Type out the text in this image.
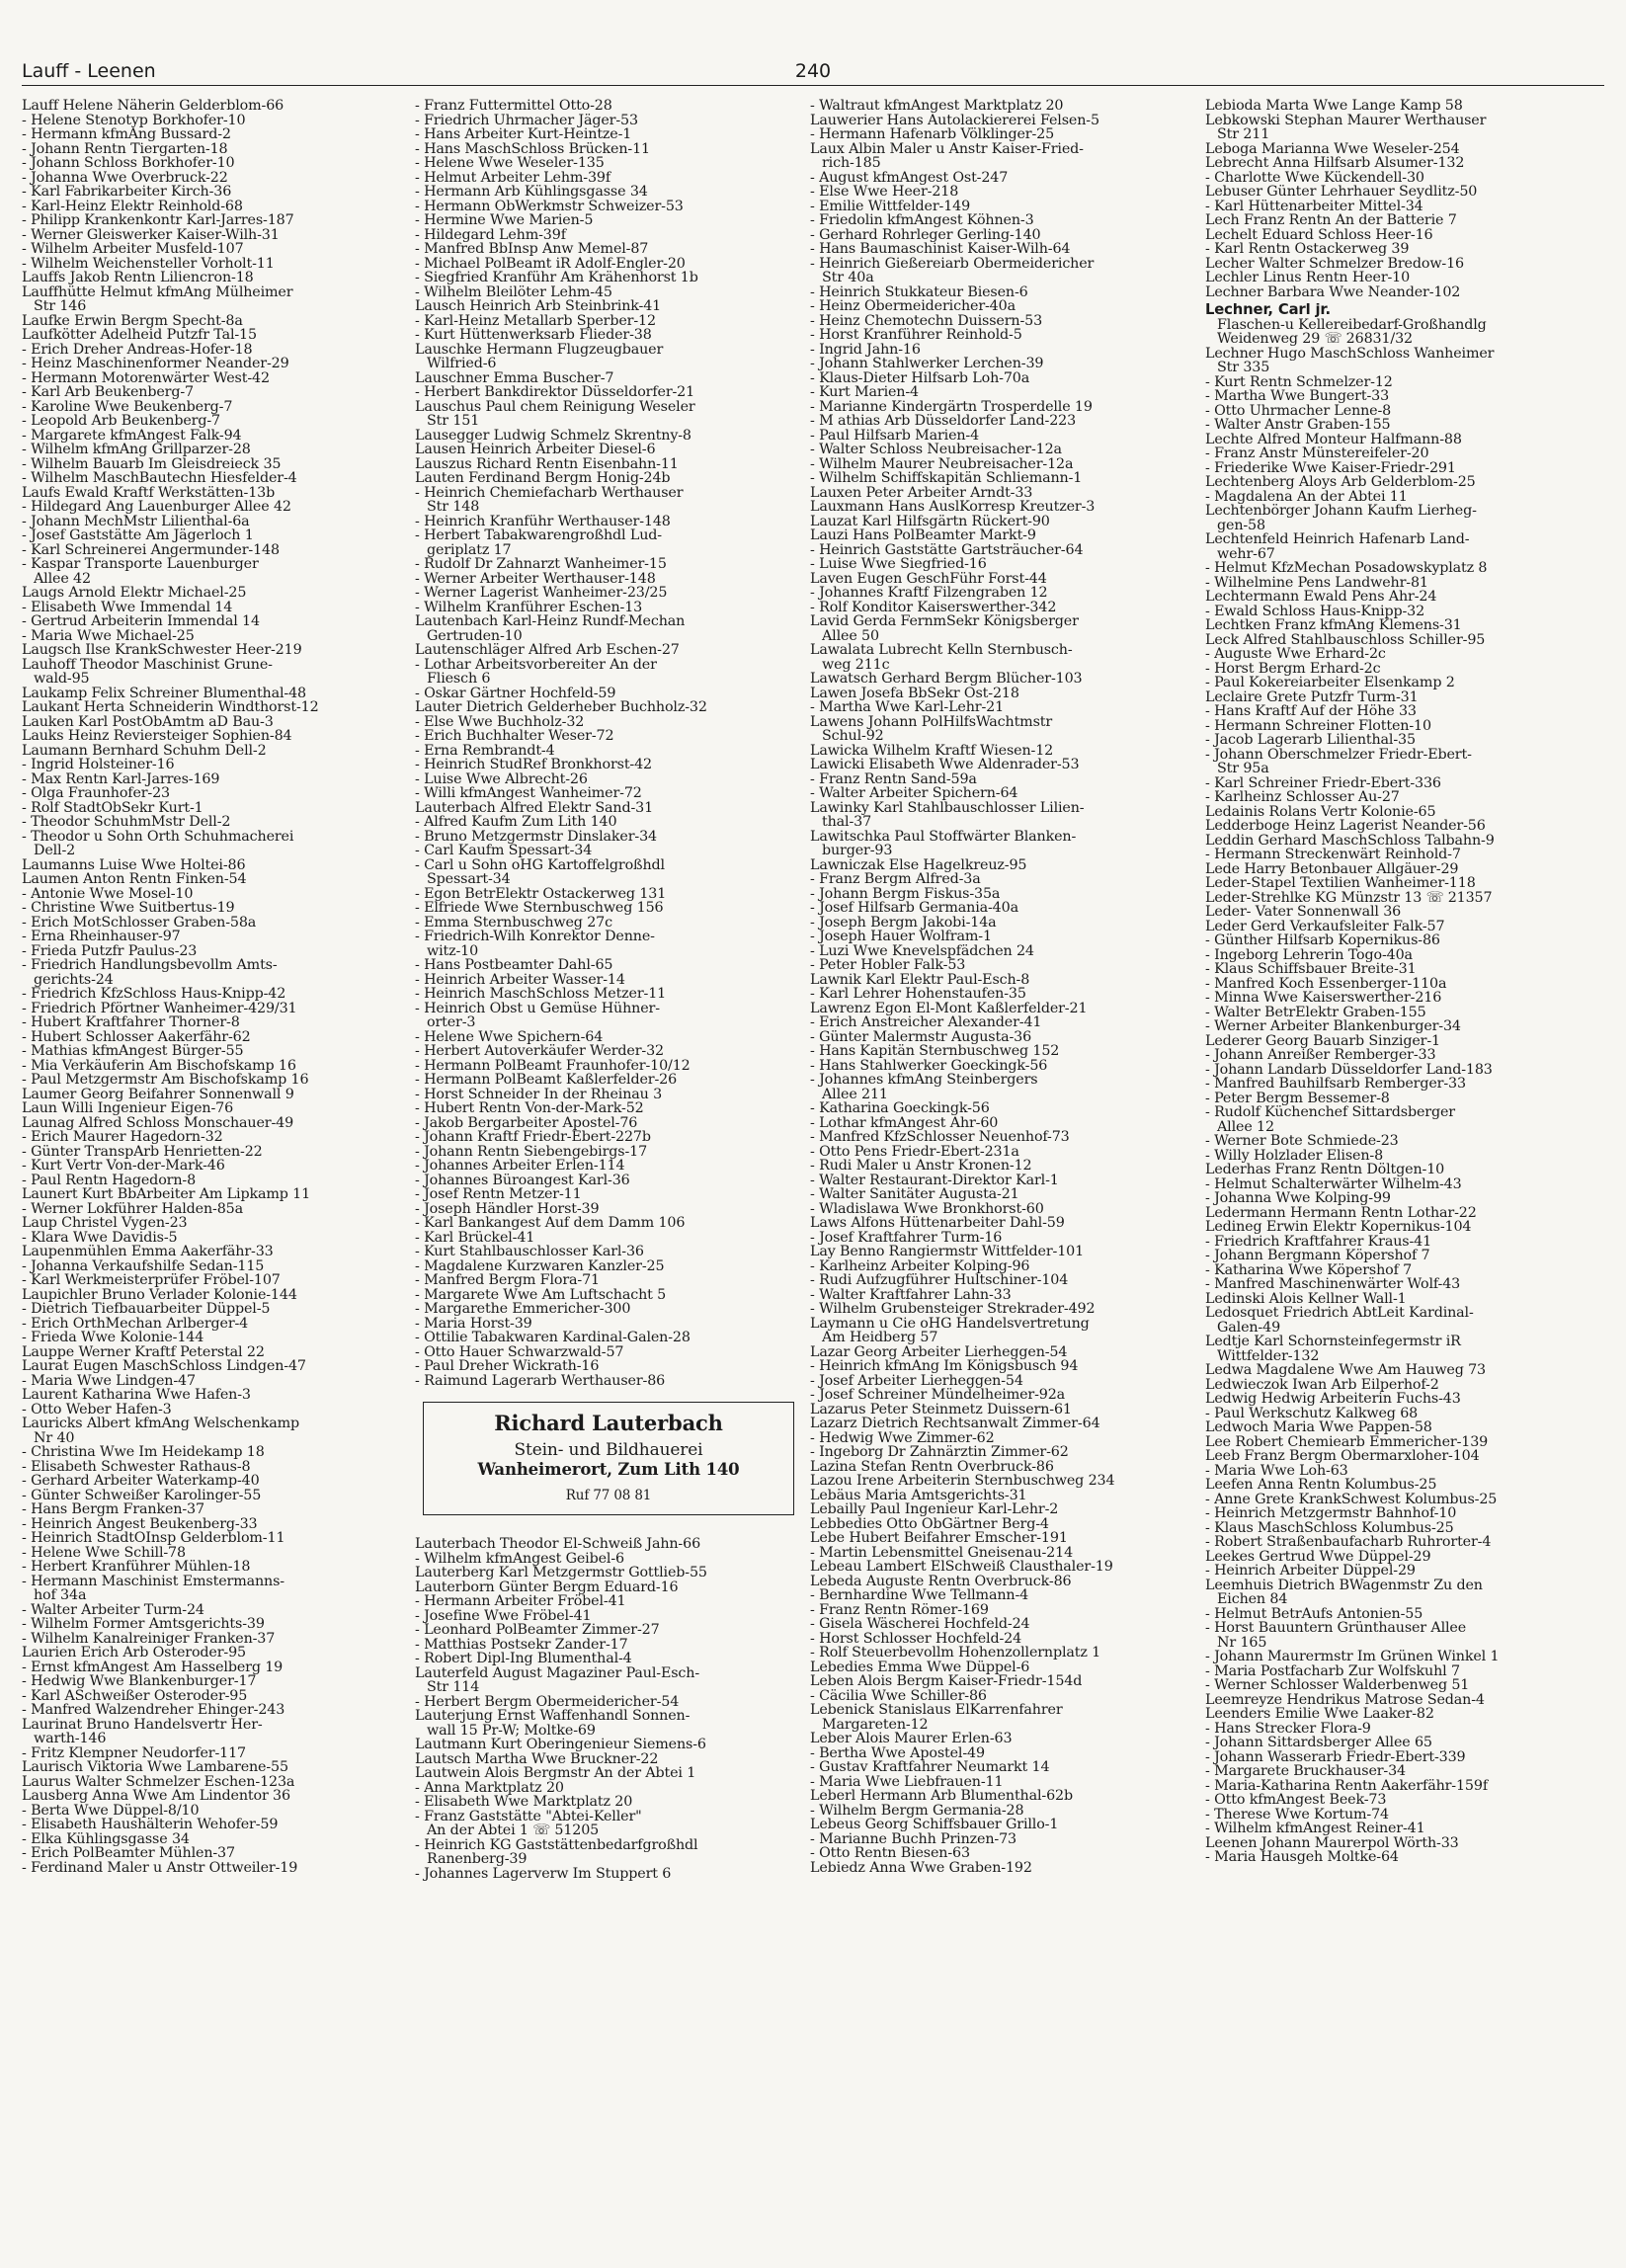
Lauff - Leenen	240
Lauff Helene Näherin Gelderblom-66
- Helene Stenotyp Borkhofer-10
- Hermann kfmAng Bussard-2
- Johann Rentn Tiergarten-18
- Johann Schloss Borkhofer-10
- Johanna Wwe Overbruck-22
- Karl Fabrikarbeiter Kirch-36
- Karl-Heinz Elektr Reinhold-68
- Philipp Krankenkontr Karl-Jarres-187
- Werner Gleiswerker Kaiser-Wilh-31
- Wilhelm Arbeiter Musfeld-107
- Wilhelm Weichensteller Vorholt-11
Lauffs Jakob Rentn Liliencron-18
Lauffhütte Helmut kfmAng Mülheimer
Str 146
Laufke Erwin Bergm Specht-8a
Laufkötter Adelheid Putzfr Tal-15
- Erich Dreher Andreas-Hofer-18
- Heinz Maschinenformer Neander-29
- Hermann Motorenwärter West-42
- Karl Arb Beukenberg-7
- Karoline Wwe Beukenberg-7
- Leopold Arb Beukenberg-7
- Margarete kfmAngest Falk-94
- Wilhelm kfmAng Grillparzer-28
- Wilhelm Bauarb Im Gleisdreieck 35
- Wilhelm MaschBautechn Hiesfelder-4
Laufs Ewald Kraftf Werkstätten-13b
- Hildegard Ang Lauenburger Allee 42
- Johann MechMstr Lilienthal-6a
- Josef Gaststätte Am Jägerloch 1
- Karl Schreinerei Angermunder-148
- Kaspar Transporte Lauenburger
Allee 42
Laugs Arnold Elektr Michael-25
- Elisabeth Wwe Immendal 14
- Gertrud Arbeiterin Immendal 14
- Maria Wwe Michael-25
Laugsch Ilse KrankSchwester Heer-219
Lauhoff Theodor Maschinist Grune-
wald-95
Laukamp Felix Schreiner Blumenthal-48
Laukant Herta Schneiderin Windthorst-12
Lauken Karl PostObAmtm aD Bau-3
Lauks Heinz Reviersteiger Sophien-84
Laumann Bernhard Schuhm Dell-2
- Ingrid Holsteiner-16
- Max Rentn Karl-Jarres-169
- Olga Fraunhofer-23
- Rolf StadtObSekr Kurt-1
- Theodor SchuhmMstr Dell-2
- Theodor u Sohn Orth Schuhmacherei
Dell-2
Laumanns Luise Wwe Holtei-86
Laumen Anton Rentn Finken-54
- Antonie Wwe Mosel-10
- Christine Wwe Suitbertus-19
- Erich MotSchlosser Graben-58a
- Erna Rheinhauser-97
- Frieda Putzfr Paulus-23
- Friedrich Handlungsbevollm Amts-
gerichts-24
- Friedrich KfzSchloss Haus-Knipp-42
- Friedrich Pförtner Wanheimer-429/31
- Hubert Kraftfahrer Thorner-8
- Hubert Schlosser Aakerfähr-62
- Mathias kfmAngest Bürger-55
- Mia Verkäuferin Am Bischofskamp 16
- Paul Metzgermstr Am Bischofskamp 16
Laumer Georg Beifahrer Sonnenwall 9
Laun Willi Ingenieur Eigen-76
Launag Alfred Schloss Monschauer-49
- Erich Maurer Hagedorn-32
- Günter TranspArb Henrietten-22
- Kurt Vertr Von-der-Mark-46
- Paul Rentn Hagedorn-8
Launert Kurt BbArbeiter Am Lipkamp 11
- Werner Lokführer Halden-85a
Laup Christel Vygen-23
- Klara Wwe Davidis-5
Laupenmühlen Emma Aakerfähr-33
- Johanna Verkaufshilfe Sedan-115
- Karl Werkmeisterprüfer Fröbel-107
Laupichler Bruno Verlader Kolonie-144
- Dietrich Tiefbauarbeiter Düppel-5
- Erich OrthMechan Arlberger-4
- Frieda Wwe Kolonie-144
Lauppe Werner Kraftf Peterstal 22
Laurat Eugen MaschSchloss Lindgen-47
- Maria Wwe Lindgen-47
Laurent Katharina Wwe Hafen-3
- Otto Weber Hafen-3
Lauricks Albert kfmAng Welschenkamp
Nr 40
- Christina Wwe Im Heidekamp 18
- Elisabeth Schwester Rathaus-8
- Gerhard Arbeiter Waterkamp-40
- Günter Schweißer Karolinger-55
- Hans Bergm Franken-37
- Heinrich Angest Beukenberg-33
- Heinrich StadtOInsp Gelderblom-11
- Helene Wwe Schill-78
- Herbert Kranführer Mühlen-18
- Hermann Maschinist Emstermanns-
hof 34a
- Walter Arbeiter Turm-24
- Wilhelm Former Amtsgerichts-39
- Wilhelm Kanalreiniger Franken-37
Laurien Erich Arb Osteroder-95
- Ernst kfmAngest Am Hasselberg 19
- Hedwig Wwe Blankenburger-17
- Karl ASchweißer Osteroder-95
- Manfred Walzendreher Ehinger-243
Laurinat Bruno Handelsvertr Her-
warth-146
- Fritz Klempner Neudorfer-117
Laurisch Viktoria Wwe Lambarene-55
Laurus Walter Schmelzer Eschen-123a
Lausberg Anna Wwe Am Lindentor 36
- Berta Wwe Düppel-8/10
- Elisabeth Haushälterin Wehofer-59
- Elka Kühlingsgasse 34
- Erich PolBeamter Mühlen-37
- Ferdinand Maler u Anstr Ottweiler-19
- Franz Futtermittel Otto-28
- Friedrich Uhrmacher Jäger-53
- Hans Arbeiter Kurt-Heintze-1
- Hans MaschSchloss Brücken-11
- Helene Wwe Weseler-135
- Helmut Arbeiter Lehm-39f
- Hermann Arb Kühlingsgasse 34
- Hermann ObWerkmstr Schweizer-53
- Hermine Wwe Marien-5
- Hildegard Lehm-39f
- Manfred BbInsp Anw Memel-87
- Michael PolBeamt iR Adolf-Engler-20
- Siegfried Kranführ Am Krähenhorst 1b
- Wilhelm Bleilöter Lehm-45
Lausch Heinrich Arb Steinbrink-41
- Karl-Heinz Metallarb Sperber-12
- Kurt Hüttenwerksarb Flieder-38
Lauschke Hermann Flugzeugbauer
Wilfried-6
Lauschner Emma Buscher-7
- Herbert Bankdirektor Düsseldorfer-21
Lauschus Paul chem Reinigung Weseler
Str 151
Lausegger Ludwig Schmelz Skrentny-8
Lausen Heinrich Arbeiter Diesel-6
Lauszus Richard Rentn Eisenbahn-11
Lauten Ferdinand Bergm Honig-24b
- Heinrich Chemiefacharb Werthauser
Str 148
- Heinrich Kranführ Werthauser-148
- Herbert Tabakwarengroßhdl Lud-
geriplatz 17
- Rudolf Dr Zahnarzt Wanheimer-15
- Werner Arbeiter Werthauser-148
- Werner Lagerist Wanheimer-23/25
- Wilhelm Kranführer Eschen-13
Lautenbach Karl-Heinz Rundf-Mechan
Gertruden-10
Lautenschläger Alfred Arb Eschen-27
- Lothar Arbeitsvorbereiter An der
Fliesch 6
- Oskar Gärtner Hochfeld-59
Lauter Dietrich Gelderheber Buchholz-32
- Else Wwe Buchholz-32
- Erich Buchhalter Weser-72
- Erna Rembrandt-4
- Heinrich StudRef Bronkhorst-42
- Luise Wwe Albrecht-26
- Willi kfmAngest Wanheimer-72
Lauterbach Alfred Elektr Sand-31
- Alfred Kaufm Zum Lith 140
- Bruno Metzgermstr Dinslaker-34
- Carl Kaufm Spessart-34
- Carl u Sohn oHG Kartoffelgroßhdl
Spessart-34
- Egon BetrElektr Ostackerweg 131
- Elfriede Wwe Sternbuschweg 156
- Emma Sternbuschweg 27c
- Friedrich-Wilh Konrektor Denne-
witz-10
- Hans Postbeamter Dahl-65
- Heinrich Arbeiter Wasser-14
- Heinrich MaschSchloss Metzer-11
- Heinrich Obst u Gemüse Hühner-
orter-3
- Helene Wwe Spichern-64
- Herbert Autoverkäufer Werder-32
- Hermann PolBeamt Fraunhofer-10/12
- Hermann PolBeamt Kaßlerfelder-26
- Horst Schneider In der Rheinau 3
- Hubert Rentn Von-der-Mark-52
- Jakob Bergarbeiter Apostel-76
- Johann Kraftf Friedr-Ebert-227b
- Johann Rentn Siebengebirgs-17
- Johannes Arbeiter Erlen-114
- Johannes Büroangest Karl-36
- Josef Rentn Metzer-11
- Joseph Händler Horst-39
- Karl Bankangest Auf dem Damm 106
- Karl Brückel-41
- Kurt Stahlbauschlosser Karl-36
- Magdalene Kurzwaren Kanzler-25
- Manfred Bergm Flora-71
- Margarete Wwe Am Luftschacht 5
- Margarethe Emmericher-300
- Maria Horst-39
- Ottilie Tabakwaren Kardinal-Galen-28
- Otto Hauer Schwarzwald-57
- Paul Dreher Wickrath-16
- Raimund Lagerarb Werthauser-86
Richard Lauterbach
Stein- und Bildhauerei
Wanheimerort, Zum Lith 140
Ruf 77 08 81
Lauterbach Theodor El-Schweiß Jahn-66
- Wilhelm kfmAngest Geibel-6
Lauterberg Karl Metzgermstr Gottlieb-55
Lauterborn Günter Bergm Eduard-16
- Hermann Arbeiter Fröbel-41
- Josefine Wwe Fröbel-41
- Leonhard PolBeamter Zimmer-27
- Matthias Postsekr Zander-17
- Robert Dipl-Ing Blumenthal-4
Lauterfeld August Magaziner Paul-Esch-
Str 114
- Herbert Bergm Obermeidericher-54
Lauterjung Ernst Waffenhandl Sonnen-
wall 15 Pr-W; Moltke-69
Lautmann Kurt Oberingenieur Siemens-6
Lautsch Martha Wwe Bruckner-22
Lautwein Alois Bergmstr An der Abtei 1
- Anna Marktplatz 20
- Elisabeth Wwe Marktplatz 20
- Franz Gaststätte "Abtei-Keller"
An der Abtei 1 ☏ 51205
- Heinrich KG Gaststättenbedarfgroßhdl
Ranenberg-39
- Johannes Lagerverw Im Stuppert 6
- Waltraut kfmAngest Marktplatz 20
Lauwerier Hans Autolackiererei Felsen-5
- Hermann Hafenarb Völklinger-25
Laux Albin Maler u Anstr Kaiser-Fried-
rich-185
- August kfmAngest Ost-247
- Else Wwe Heer-218
- Emilie Wittfelder-149
- Friedolin kfmAngest Köhnen-3
- Gerhard Rohrleger Gerling-140
- Hans Baumaschinist Kaiser-Wilh-64
- Heinrich Gießereiarb Obermeidericher
Str 40a
- Heinrich Stukkateur Biesen-6
- Heinz Obermeidericher-40a
- Heinz Chemotechn Duissern-53
- Horst Kranführer Reinhold-5
- Ingrid Jahn-16
- Johann Stahlwerker Lerchen-39
- Klaus-Dieter Hilfsarb Loh-70a
- Kurt Marien-4
- Marianne Kindergärtn Trosperdelle 19
- M athias Arb Düsseldorfer Land-223
- Paul Hilfsarb Marien-4
- Walter Schloss Neubreisacher-12a
- Wilhelm Maurer Neubreisacher-12a
- Wilhelm Schiffskapitän Schliemann-1
Lauxen Peter Arbeiter Arndt-33
Lauxmann Hans AuslKorresp Kreutzer-3
Lauzat Karl Hilfsgärtn Rückert-90
Lauzi Hans PolBeamter Markt-9
- Heinrich Gaststätte Gartsträucher-64
- Luise Wwe Siegfried-16
Laven Eugen GeschFühr Forst-44
- Johannes Kraftf Filzengraben 12
- Rolf Konditor Kaiserswerther-342
Lavid Gerda FernmSekr Königsberger
Allee 50
Lawalata Lubrecht Kelln Sternbusch-
weg 211c
Lawatsch Gerhard Bergm Blücher-103
Lawen Josefa BbSekr Ost-218
- Martha Wwe Karl-Lehr-21
Lawens Johann PolHilfsWachtmstr
Schul-92
Lawicka Wilhelm Kraftf Wiesen-12
Lawicki Elisabeth Wwe Aldenrader-53
- Franz Rentn Sand-59a
- Walter Arbeiter Spichern-64
Lawinky Karl Stahlbauschlosser Lilien-
thal-37
Lawitschka Paul Stoffwärter Blanken-
burger-93
Lawniczak Else Hagelkreuz-95
- Franz Bergm Alfred-3a
- Johann Bergm Fiskus-35a
- Josef Hilfsarb Germania-40a
- Joseph Bergm Jakobi-14a
- Joseph Hauer Wolfram-1
- Luzi Wwe Knevelspfädchen 24
- Peter Hobler Falk-53
Lawnik Karl Elektr Paul-Esch-8
- Karl Lehrer Hohenstaufen-35
Lawrenz Egon El-Mont Kaßlerfelder-21
- Erich Anstreicher Alexander-41
- Günter Malermstr Augusta-36
- Hans Kapitän Sternbuschweg 152
- Hans Stahlwerker Goeckingk-56
- Johannes kfmAng Steinbergers
Allee 211
- Katharina Goeckingk-56
- Lothar kfmAngest Ahr-60
- Manfred KfzSchlosser Neuenhof-73
- Otto Pens Friedr-Ebert-231a
- Rudi Maler u Anstr Kronen-12
- Walter Restaurant-Direktor Karl-1
- Walter Sanitäter Augusta-21
- Wladislawa Wwe Bronkhorst-60
Laws Alfons Hüttenarbeiter Dahl-59
- Josef Kraftfahrer Turm-16
Lay Benno Rangiermstr Wittfelder-101
- Karlheinz Arbeiter Kolping-96
- Rudi Aufzugführer Hultschiner-104
- Walter Kraftfahrer Lahn-33
- Wilhelm Grubensteiger Strekrader-492
Laymann u Cie oHG Handelsvertretung
Am Heidberg 57
Lazar Georg Arbeiter Lierheggen-54
- Heinrich kfmAng Im Königsbusch 94
- Josef Arbeiter Lierheggen-54
- Josef Schreiner Mündelheimer-92a
Lazarus Peter Steinmetz Duissern-61
Lazarz Dietrich Rechtsanwalt Zimmer-64
- Hedwig Wwe Zimmer-62
- Ingeborg Dr Zahnärztin Zimmer-62
Lazina Stefan Rentn Overbruck-86
Lazou Irene Arbeiterin Sternbuschweg 234
Lebäus Maria Amtsgerichts-31
Lebailly Paul Ingenieur Karl-Lehr-2
Lebbedies Otto ObGärtner Berg-4
Lebe Hubert Beifahrer Emscher-191
- Martin Lebensmittel Gneisenau-214
Lebeau Lambert ElSchweiß Clausthaler-19
Lebeda Auguste Rentn Overbruck-86
- Bernhardine Wwe Tellmann-4
- Franz Rentn Römer-169
- Gisela Wäscherei Hochfeld-24
- Horst Schlosser Hochfeld-24
- Rolf Steuerbevollm Hohenzollernplatz 1
Lebedies Emma Wwe Düppel-6
Leben Alois Bergm Kaiser-Friedr-154d
- Cäcilia Wwe Schiller-86
Lebenick Stanislaus ElKarrenfahrer
Margareten-12
Leber Alois Maurer Erlen-63
- Bertha Wwe Apostel-49
- Gustav Kraftfahrer Neumarkt 14
- Maria Wwe Liebfrauen-11
Leberl Hermann Arb Blumenthal-62b
- Wilhelm Bergm Germania-28
Lebeus Georg Schiffsbauer Grillo-1
- Marianne Buchh Prinzen-73
- Otto Rentn Biesen-63
Lebiedz Anna Wwe Graben-192
Lebioda Marta Wwe Lange Kamp 58
Lebkowski Stephan Maurer Werthauser
Str 211
Leboga Marianna Wwe Weseler-254
Lebrecht Anna Hilfsarb Alsumer-132
- Charlotte Wwe Kückendell-30
Lebuser Günter Lehrhauer Seydlitz-50
- Karl Hüttenarbeiter Mittel-34
Lech Franz Rentn An der Batterie 7
Lechelt Eduard Schloss Heer-16
- Karl Rentn Ostackerweg 39
Lecher Walter Schmelzer Bredow-16
Lechler Linus Rentn Heer-10
Lechner Barbara Wwe Neander-102
Lechner, Carl jr.
Flaschen-u Kellereibedarf-Großhandlg
Weidenweg 29 ☏ 26831/32
Lechner Hugo MaschSchloss Wanheimer
Str 335
- Kurt Rentn Schmelzer-12
- Martha Wwe Bungert-33
- Otto Uhrmacher Lenne-8
- Walter Anstr Graben-155
Lechte Alfred Monteur Halfmann-88
- Franz Anstr Münstereifeler-20
- Friederike Wwe Kaiser-Friedr-291
Lechtenberg Aloys Arb Gelderblom-25
- Magdalena An der Abtei 11
Lechtenbörger Johann Kaufm Lierheg-
gen-58
Lechtenfeld Heinrich Hafenarb Land-
wehr-67
- Helmut KfzMechan Posadowskyplatz 8
- Wilhelmine Pens Landwehr-81
Lechtermann Ewald Pens Ahr-24
- Ewald Schloss Haus-Knipp-32
Lechtken Franz kfmAng Klemens-31
Leck Alfred Stahlbauschloss Schiller-95
- Auguste Wwe Erhard-2c
- Horst Bergm Erhard-2c
- Paul Kokereiarbeiter Elsenkamp 2
Leclaire Grete Putzfr Turm-31
- Hans Kraftf Auf der Höhe 33
- Hermann Schreiner Flotten-10
- Jacob Lagerarb Lilienthal-35
- Johann Oberschmelzer Friedr-Ebert-
Str 95a
- Karl Schreiner Friedr-Ebert-336
- Karlheinz Schlosser Au-27
Ledainis Rolans Vertr Kolonie-65
Ledderboge Heinz Lagerist Neander-56
Leddin Gerhard MaschSchloss Talbahn-9
- Hermann Streckenwärt Reinhold-7
Lede Harry Betonbauer Allgäuer-29
Leder-Stapel Textilien Wanheimer-118
Leder-Strehlke KG Münzstr 13 ☏ 21357
Leder- Vater Sonnenwall 36
Leder Gerd Verkaufsleiter Falk-57
- Günther Hilfsarb Kopernikus-86
- Ingeborg Lehrerin Togo-40a
- Klaus Schiffsbauer Breite-31
- Manfred Koch Essenberger-110a
- Minna Wwe Kaiserswerther-216
- Walter BetrElektr Graben-155
- Werner Arbeiter Blankenburger-34
Lederer Georg Bauarb Sinziger-1
- Johann Anreißer Remberger-33
- Johann Landarb Düsseldorfer Land-183
- Manfred Bauhilfsarb Remberger-33
- Peter Bergm Bessemer-8
- Rudolf Küchenchef Sittardsberger
Allee 12
- Werner Bote Schmiede-23
- Willy Holzlader Elisen-8
Lederhas Franz Rentn Döltgen-10
- Helmut Schalterwärter Wilhelm-43
- Johanna Wwe Kolping-99
Ledermann Hermann Rentn Lothar-22
Ledineg Erwin Elektr Kopernikus-104
- Friedrich Kraftfahrer Kraus-41
- Johann Bergmann Köpershof 7
- Katharina Wwe Köpershof 7
- Manfred Maschinenwärter Wolf-43
Ledinski Alois Kellner Wall-1
Ledosquet Friedrich AbtLeit Kardinal-
Galen-49
Ledtje Karl Schornsteinfegermstr iR
Wittfelder-132
Ledwa Magdalene Wwe Am Hauweg 73
Ledwieczok Iwan Arb Eilperhof-2
Ledwig Hedwig Arbeiterin Fuchs-43
- Paul Werkschutz Kalkweg 68
Ledwoch Maria Wwe Pappen-58
Lee Robert Chemiearb Emmericher-139
Leeb Franz Bergm Obermarxloher-104
- Maria Wwe Loh-63
Leefen Anna Rentn Kolumbus-25
- Anne Grete KrankSchwest Kolumbus-25
- Heinrich Metzgermstr Bahnhof-10
- Klaus MaschSchloss Kolumbus-25
- Robert Straßenbaufacharb Ruhrorter-4
Leekes Gertrud Wwe Düppel-29
- Heinrich Arbeiter Düppel-29
Leemhuis Dietrich BWagenmstr Zu den
Eichen 84
- Helmut BetrAufs Antonien-55
- Horst Bauuntern Grünthauser Allee
Nr 165
- Johann Maurermstr Im Grünen Winkel 1
- Maria Postfacharb Zur Wolfskuhl 7
- Werner Schlosser Walderbenweg 51
Leemreyze Hendrikus Matrose Sedan-4
Leenders Emilie Wwe Laaker-82
- Hans Strecker Flora-9
- Johann Sittardsberger Allee 65
- Johann Wasserarb Friedr-Ebert-339
- Margarete Bruckhauser-34
- Maria-Katharina Rentn Aakerfähr-159f
- Otto kfmAngest Beek-73
- Therese Wwe Kortum-74
- Wilhelm kfmAngest Reiner-41
Leenen Johann Maurerpol Wörth-33
- Maria Hausgeh Moltke-64
